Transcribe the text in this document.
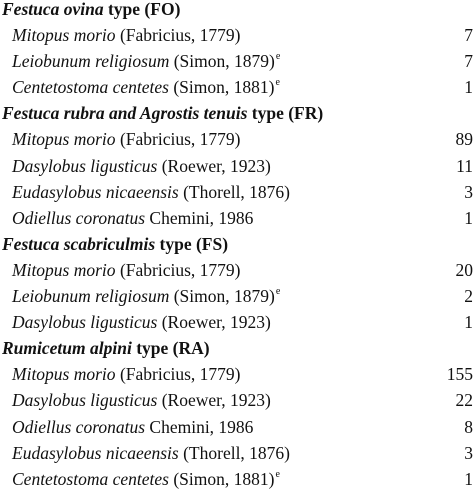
Festuca ovina type (FO)
Mitopus morio (Fabricius, 1779)	7
Leiobunum religiosum (Simon, 1879)$^e$	7
Centetostoma centetes (Simon, 1881)$^e$	1
Festuca rubra and Agrostis tenuis type (FR)
Mitopus morio (Fabricius, 1779)	89
Dasylobus ligusticus (Roewer, 1923)	11
Eudasylobus nicaeensis (Thorell, 1876)	3
Odiellus coronatus Chemini, 1986	1
Festuca scabriculmis type (FS)
Mitopus morio (Fabricius, 1779)	20
Leiobunum religiosum (Simon, 1879)$^e$	2
Dasylobus ligusticus (Roewer, 1923)	1
Rumicetum alpini type (RA)
Mitopus morio (Fabricius, 1779)	155
Dasylobus ligusticus (Roewer, 1923)	22
Odiellus coronatus Chemini, 1986	8
Eudasylobus nicaeensis (Thorell, 1876)	3
Centetostoma centetes (Simon, 1881)$^e$	1
